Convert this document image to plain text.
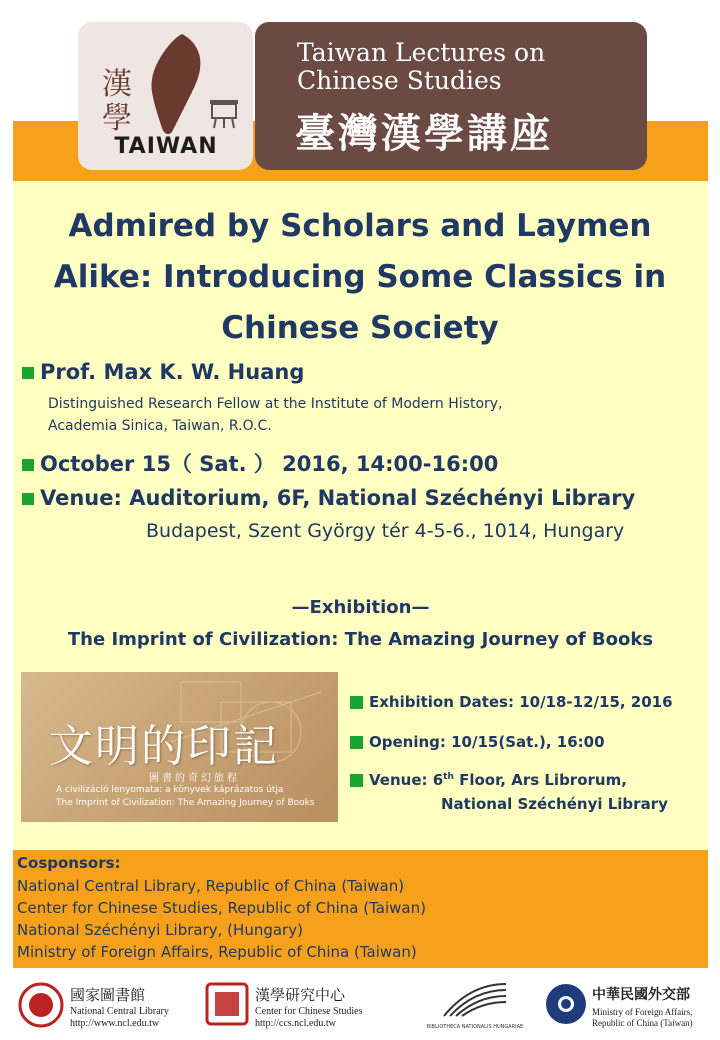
漢學
TAIWAN
Taiwan Lectures on
Chinese Studies
臺灣漢學講座
Admired by Scholars and Laymen
Alike: Introducing Some Classics in
Chinese Society
Prof. Max K. W. Huang
Distinguished Research Fellow at the Institute of Modern History,
Academia Sinica, Taiwan, R.O.C.
October 15（ Sat. ） 2016, 14:00-16:00
Venue: Auditorium, 6F, National Széchényi Library
Budapest, Szent György tér 4-5-6., 1014, Hungary
—Exhibition—
The Imprint of Civilization: The Amazing Journey of Books
文明的印記
圖書的奇幻旅程
A civilizáció lenyomata: a könyvek káprázatos útja
The Imprint of Civilization: The Amazing Journey of Books
Exhibition Dates: 10/18-12/15, 2016
Opening: 10/15(Sat.), 16:00
Venue: 6th Floor, Ars Librorum,
National Széchényi Library
Cosponsors:
National Central Library, Republic of China (Taiwan)
Center for Chinese Studies, Republic of China (Taiwan)
National Széchényi Library, (Hungary)
Ministry of Foreign Affairs, Republic of China (Taiwan)
國家圖書館
National Central Library
http://www.ncl.edu.tw
漢學研究中心
Center for Chinese Studies
http://ccs.ncl.edu.tw	BIBLIOTHECA NATIONALIS HUNGARIAE
中華民國外交部
Ministry of Foreign Affairs,
Republic of China (Taiwan)
